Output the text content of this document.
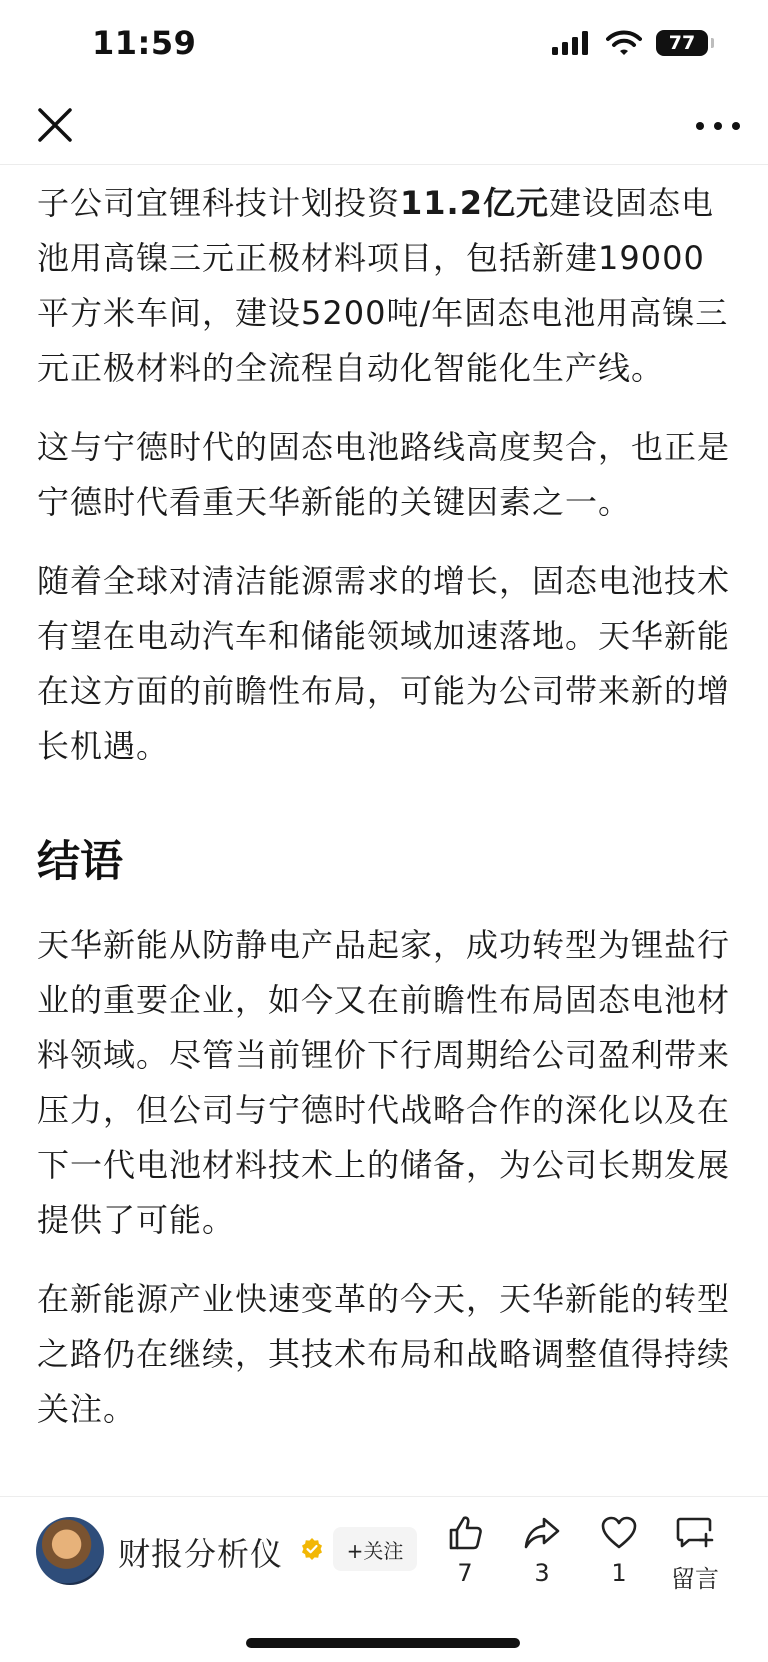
11:59	77

子公司宜锂科技计划投资11.2亿元建设固态电池用高镍三元正极材料项目，包括新建19000平方米车间，建设5200吨/年固态电池用高镍三元正极材料的全流程自动化智能化生产线。

这与宁德时代的固态电池路线高度契合，也正是宁德时代看重天华新能的关键因素之一。

随着全球对清洁能源需求的增长，固态电池技术有望在电动汽车和储能领域加速落地。天华新能在这方面的前瞻性布局，可能为公司带来新的增长机遇。

结语

天华新能从防静电产品起家，成功转型为锂盐行业的重要企业，如今又在前瞻性布局固态电池材料领域。尽管当前锂价下行周期给公司盈利带来压力，但公司与宁德时代战略合作的深化以及在下一代电池材料技术上的储备，为公司长期发展提供了可能。

在新能源产业快速变革的今天，天华新能的转型之路仍在继续，其技术布局和战略调整值得持续关注。

财报分析仪	+关注
7	3	1	留言
